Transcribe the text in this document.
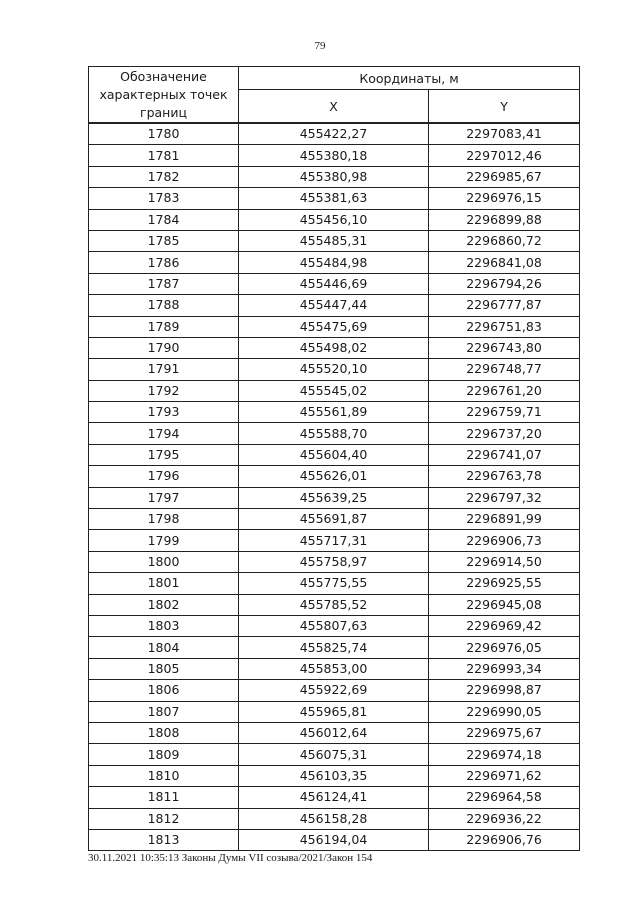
79
Обозначение характерных точек границ	Координаты, м	
	X	Y
1780	455422,27	2297083,41
1781	455380,18	2297012,46
1782	455380,98	2296985,67
1783	455381,63	2296976,15
1784	455456,10	2296899,88
1785	455485,31	2296860,72
1786	455484,98	2296841,08
1787	455446,69	2296794,26
1788	455447,44	2296777,87
1789	455475,69	2296751,83
1790	455498,02	2296743,80
1791	455520,10	2296748,77
1792	455545,02	2296761,20
1793	455561,89	2296759,71
1794	455588,70	2296737,20
1795	455604,40	2296741,07
1796	455626,01	2296763,78
1797	455639,25	2296797,32
1798	455691,87	2296891,99
1799	455717,31	2296906,73
1800	455758,97	2296914,50
1801	455775,55	2296925,55
1802	455785,52	2296945,08
1803	455807,63	2296969,42
1804	455825,74	2296976,05
1805	455853,00	2296993,34
1806	455922,69	2296998,87
1807	455965,81	2296990,05
1808	456012,64	2296975,67
1809	456075,31	2296974,18
1810	456103,35	2296971,62
1811	456124,41	2296964,58
1812	456158,28	2296936,22
1813	456194,04	2296906,76
30.11.2021 10:35:13 Законы Думы VII созыва/2021/Закон 154
